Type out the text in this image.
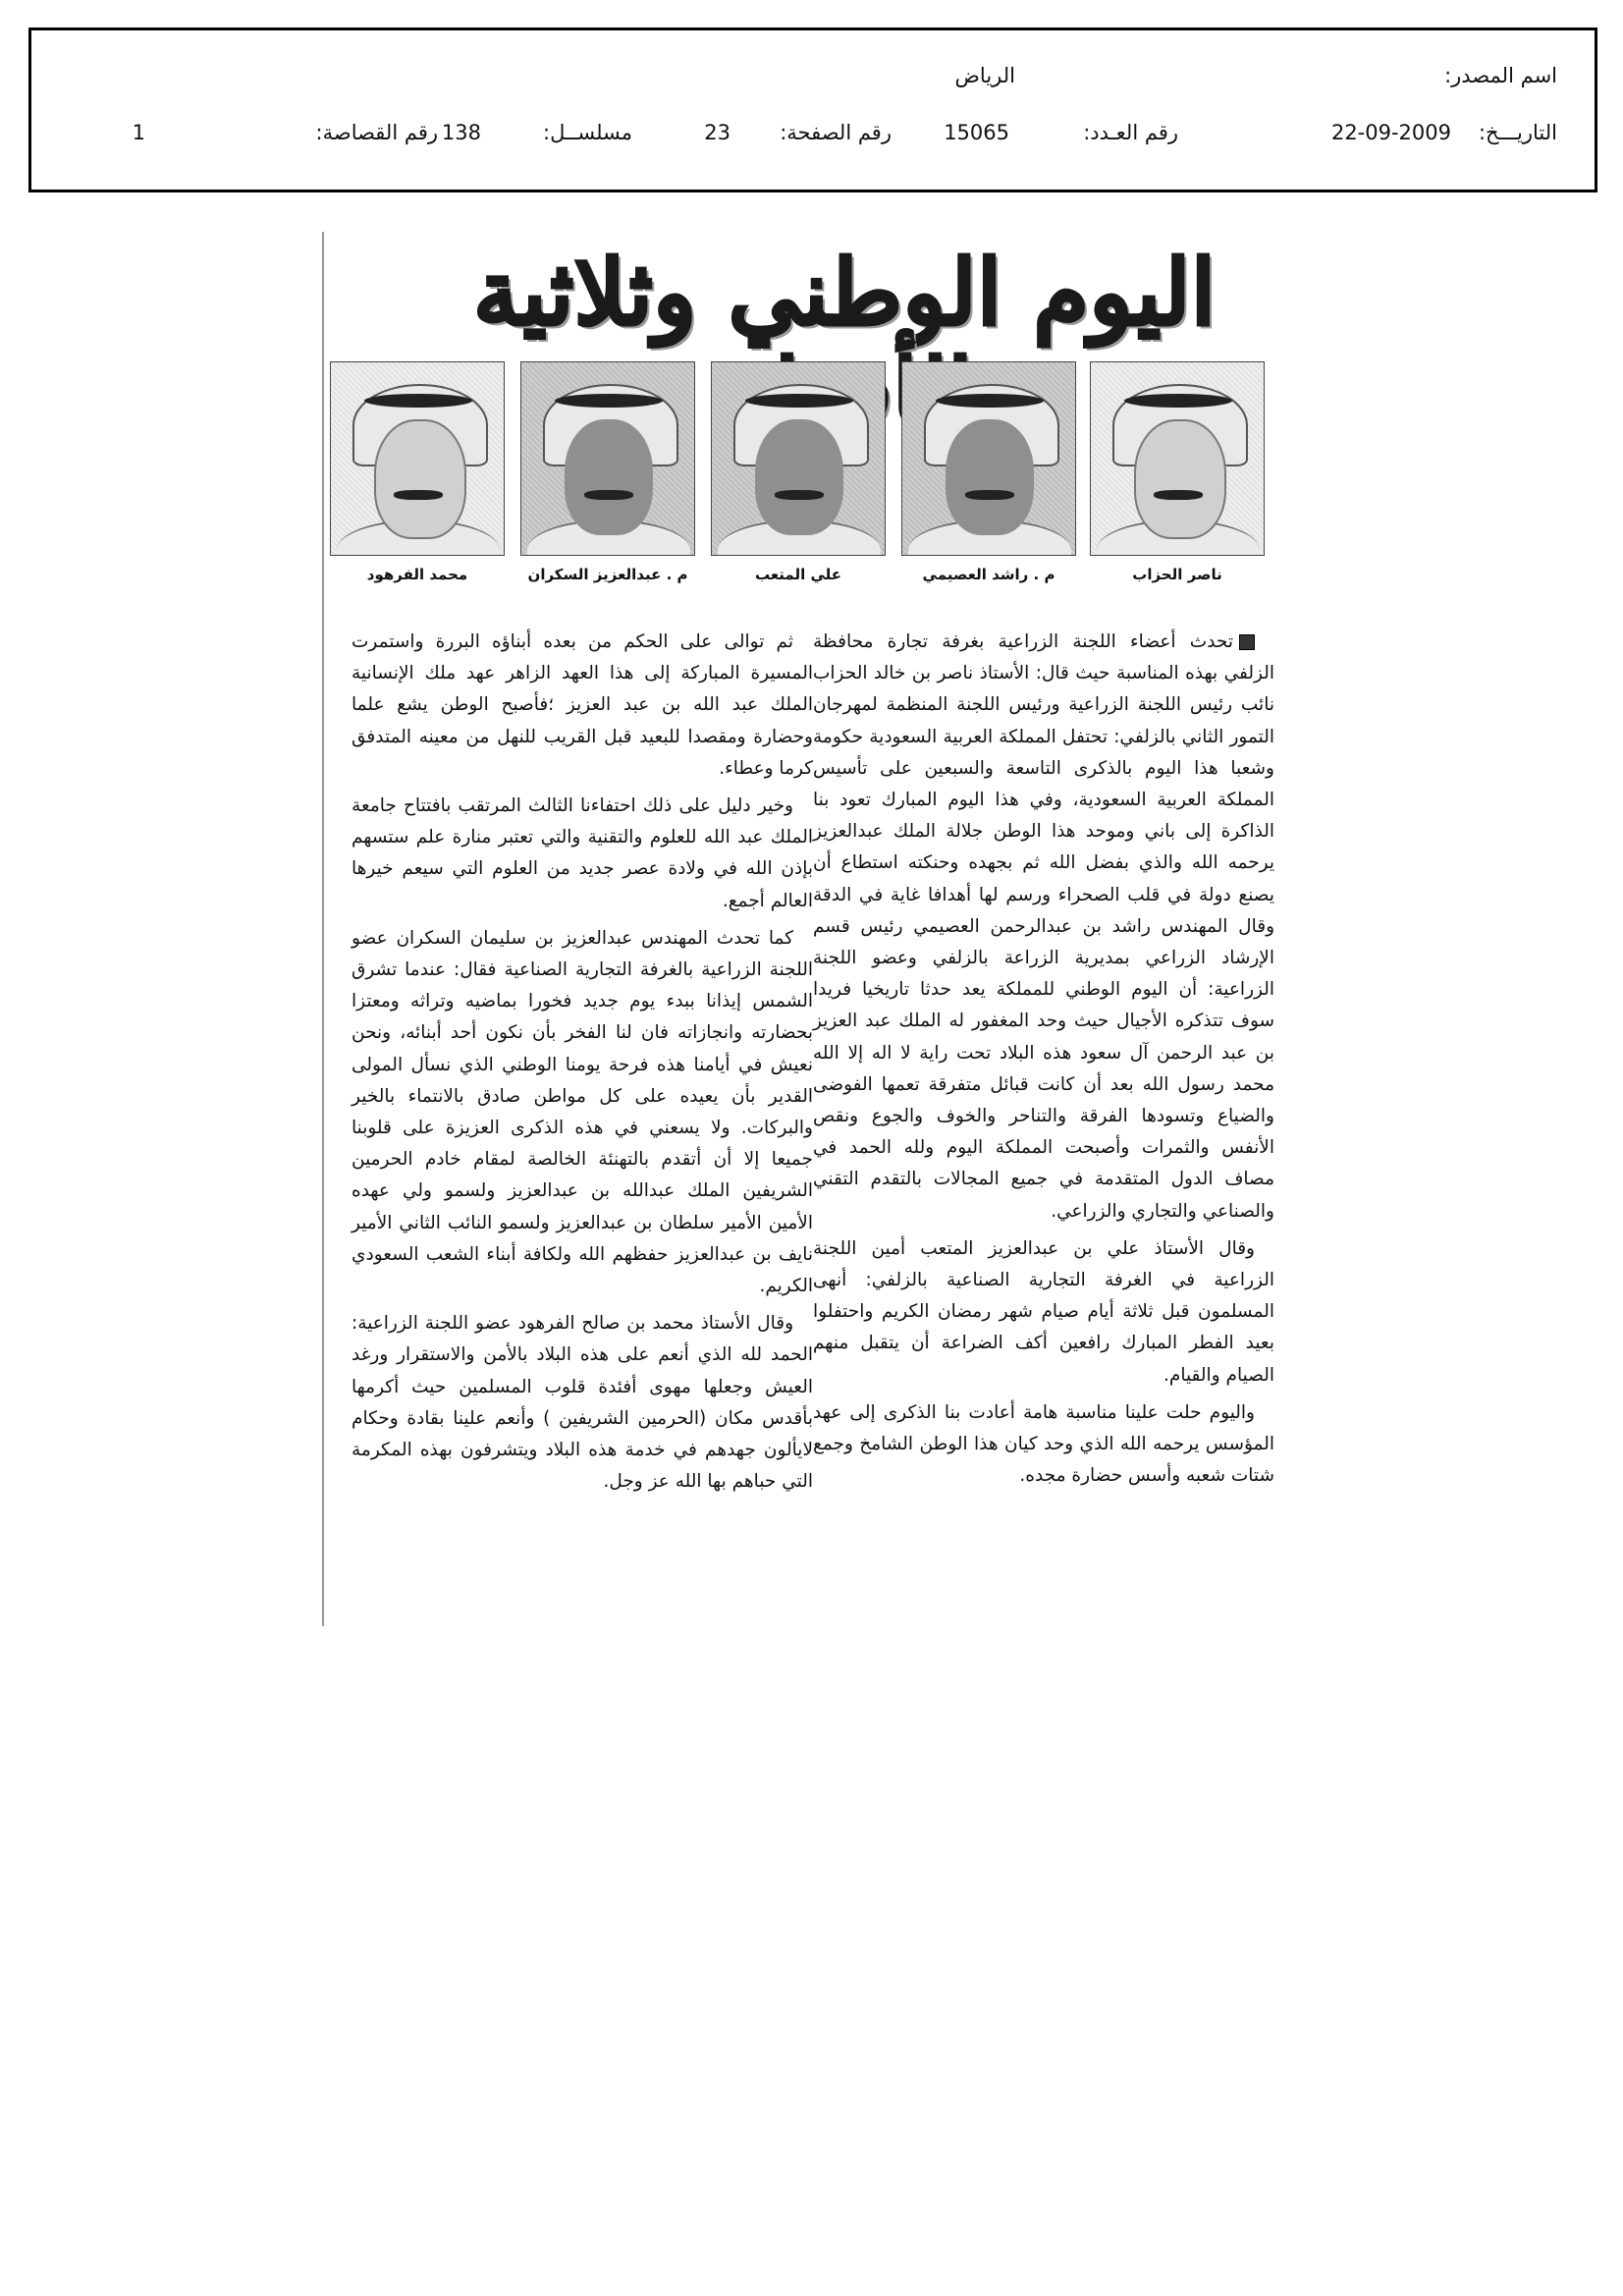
اسم المصدر:
الرياض
التاريـــخ:
22-09-2009
رقم العـدد:
15065
رقم الصفحة:
23
مسلســل:
138
رقم القصاصة:
1
اليوم الوطني وثلاثية
ناصر الحزاب
م . راشد العصيمي
علي المتعب
م . عبدالعزيز السكران
محمد الفرهود

تحدث أعضاء اللجنة الزراعية بغرفة تجارة محافظة الزلفي بهذه المناسبة حيث قال: الأستاذ ناصر بن خالد الحزاب نائب رئيس اللجنة الزراعية ورئيس اللجنة المنظمة لمهرجان التمور الثاني بالزلفي: تحتفل المملكة العربية السعودية حكومة وشعبا هذا اليوم بالذكرى التاسعة والسبعين على تأسيس المملكة العربية السعودية، وفي هذا اليوم المبارك تعود بنا الذاكرة إلى باني وموحد هذا الوطن جلالة الملك عبدالعزيز يرحمه الله والذي بفضل الله ثم بجهده وحنكته استطاع أن يصنع دولة في قلب الصحراء ورسم لها أهدافا غاية في الدقة وقال المهندس راشد بن عبدالرحمن العصيمي رئيس قسم الإرشاد الزراعي بمديرية الزراعة بالزلفي وعضو اللجنة الزراعية: أن اليوم الوطني للمملكة يعد حدثا تاريخيا فريدا سوف تتذكره الأجيال حيث وحد المغفور له الملك عبد العزيز بن عبد الرحمن آل سعود هذه البلاد تحت راية لا اله إلا الله محمد رسول الله بعد أن كانت قبائل متفرقة تعمها الفوضى والضياع وتسودها الفرقة والتناحر والخوف والجوع ونقص الأنفس والثمرات وأصبحت المملكة اليوم ولله الحمد في مصاف الدول المتقدمة في جميع المجالات بالتقدم التقني والصناعي والتجاري والزراعي.

وقال الأستاذ علي بن عبدالعزيز المتعب أمين اللجنة الزراعية في الغرفة التجارية الصناعية بالزلفي: أنهى المسلمون قبل ثلاثة أيام صيام شهر رمضان الكريم واحتفلوا بعيد الفطر المبارك رافعين أكف الضراعة أن يتقبل منهم الصيام والقيام.

واليوم حلت علينا مناسبة هامة أعادت بنا الذكرى إلى عهد المؤسس يرحمه الله الذي وحد كيان هذا الوطن الشامخ وجمع شتات شعبه وأسس حضارة مجده.

ثم توالى على الحكم من بعده أبناؤه البررة واستمرت المسيرة المباركة إلى هذا العهد الزاهر عهد ملك الإنسانية الملك عبد الله بن عبد العزيز ؛فأصبح الوطن يشع علما وحضارة ومقصدا للبعيد قبل القريب للنهل من معينه المتدفق كرما وعطاء.

وخير دليل على ذلك احتفاءنا الثالث المرتقب بافتتاح جامعة الملك عبد الله للعلوم والتقنية والتي تعتبر منارة علم ستسهم بإذن الله في ولادة عصر جديد من العلوم التي سيعم خيرها العالم أجمع.

كما تحدث المهندس عبدالعزيز بن سليمان السكران عضو اللجنة الزراعية بالغرفة التجارية الصناعية فقال: عندما تشرق الشمس إيذانا ببدء يوم جديد فخورا بماضيه وتراثه ومعتزا بحضارته وانجازاته فان لنا الفخر بأن نكون أحد أبنائه، ونحن نعيش في أيامنا هذه فرحة يومنا الوطني الذي نسأل المولى القدير بأن يعيده على كل مواطن صادق بالانتماء بالخير والبركات. ولا يسعني في هذه الذكرى العزيزة على قلوبنا جميعا إلا أن أتقدم بالتهنئة الخالصة لمقام خادم الحرمين الشريفين الملك عبدالله بن عبدالعزيز ولسمو ولي عهده الأمين الأمير سلطان بن عبدالعزيز ولسمو النائب الثاني الأمير نايف بن عبدالعزيز حفظهم الله ولكافة أبناء الشعب السعودي الكريم.

وقال الأستاذ محمد بن صالح الفرهود عضو اللجنة الزراعية: الحمد لله الذي أنعم على هذه البلاد بالأمن والاستقرار ورغد العيش وجعلها مهوى أفئدة قلوب المسلمين حيث أكرمها بأقدس مكان (الحرمين الشريفين ) وأنعم علينا بقادة وحكام لايألون جهدهم في خدمة هذه البلاد ويتشرفون بهذه المكرمة التي حباهم بها الله عز وجل.
